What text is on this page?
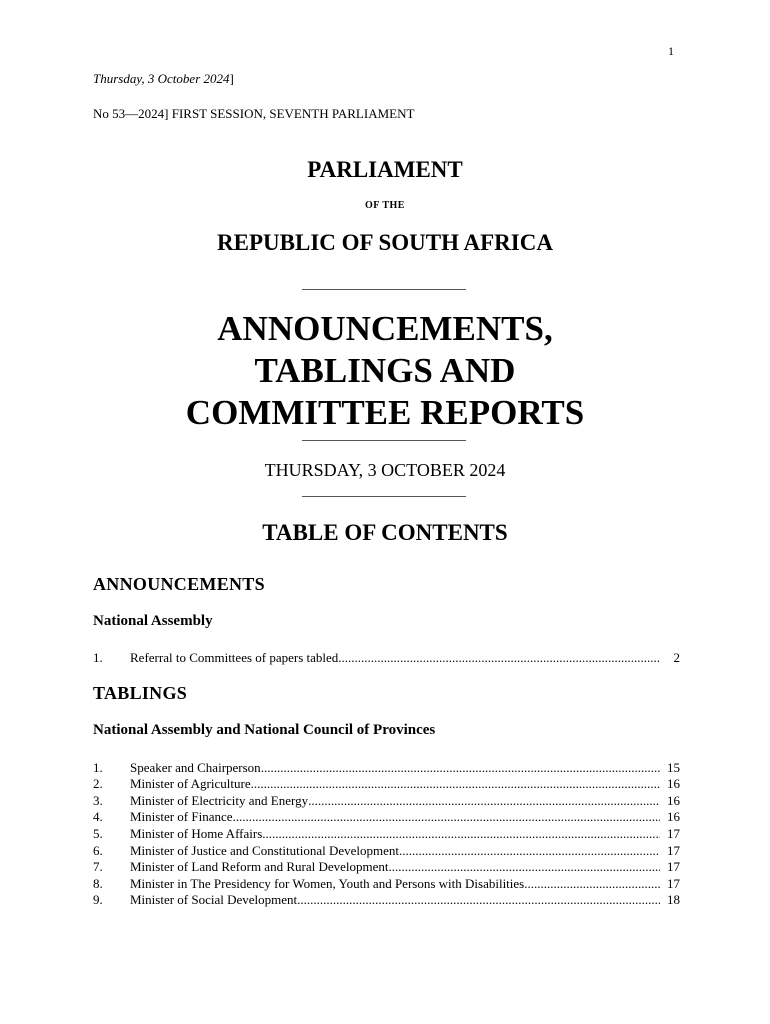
1
Thursday, 3 October 2024]
No 53—2024] FIRST SESSION, SEVENTH PARLIAMENT
PARLIAMENT
OF THE
REPUBLIC OF SOUTH AFRICA
ANNOUNCEMENTS,
TABLINGS AND
COMMITTEE REPORTS
THURSDAY, 3 OCTOBER 2024
TABLE OF CONTENTS
ANNOUNCEMENTS
National Assembly
1. Referral to Committees of papers tabled .....	2
TABLINGS
National Assembly and National Council of Provinces
1. Speaker and Chairperson .....	15
2. Minister of Agriculture .....	16
3. Minister of Electricity and Energy .....	16
4. Minister of Finance .....	16
5. Minister of Home Affairs .....	17
6. Minister of Justice and Constitutional Development .....	17
7. Minister of Land Reform and Rural Development .....	17
8. Minister in The Presidency for Women, Youth and Persons with Disabilities .....	17
9. Minister of Social Development .....	18
